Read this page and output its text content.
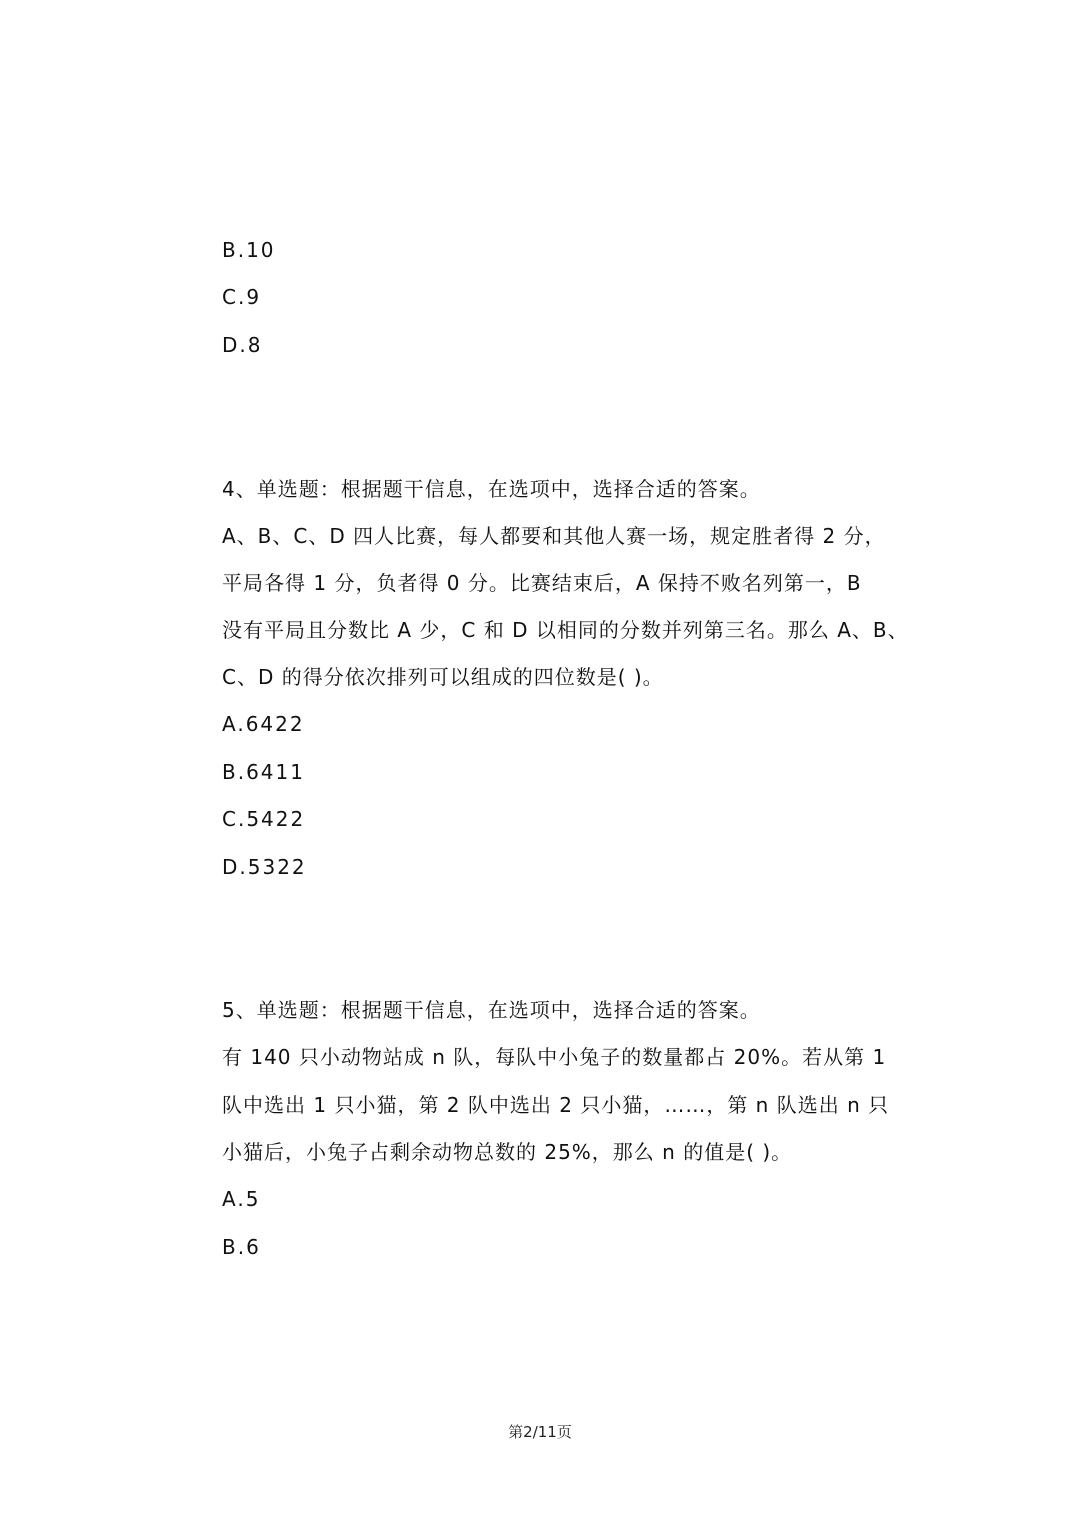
B.10
C.9
D.8
4、单选题：根据题干信息，在选项中，选择合适的答案。
A、B、C、D 四人比赛，每人都要和其他人赛一场，规定胜者得 2 分，
平局各得 1 分，负者得 0 分。比赛结束后，A 保持不败名列第一，B
没有平局且分数比 A 少，C 和 D 以相同的分数并列第三名。那么 A、B、
C、D 的得分依次排列可以组成的四位数是( )。
A.6422
B.6411
C.5422
D.5322
5、单选题：根据题干信息，在选项中，选择合适的答案。
有 140 只小动物站成 n 队，每队中小兔子的数量都占 20%。若从第 1
队中选出 1 只小猫，第 2 队中选出 2 只小猫，……，第 n 队选出 n 只
小猫后，小兔子占剩余动物总数的 25%，那么 n 的值是( )。
A.5
B.6
第2/11页
